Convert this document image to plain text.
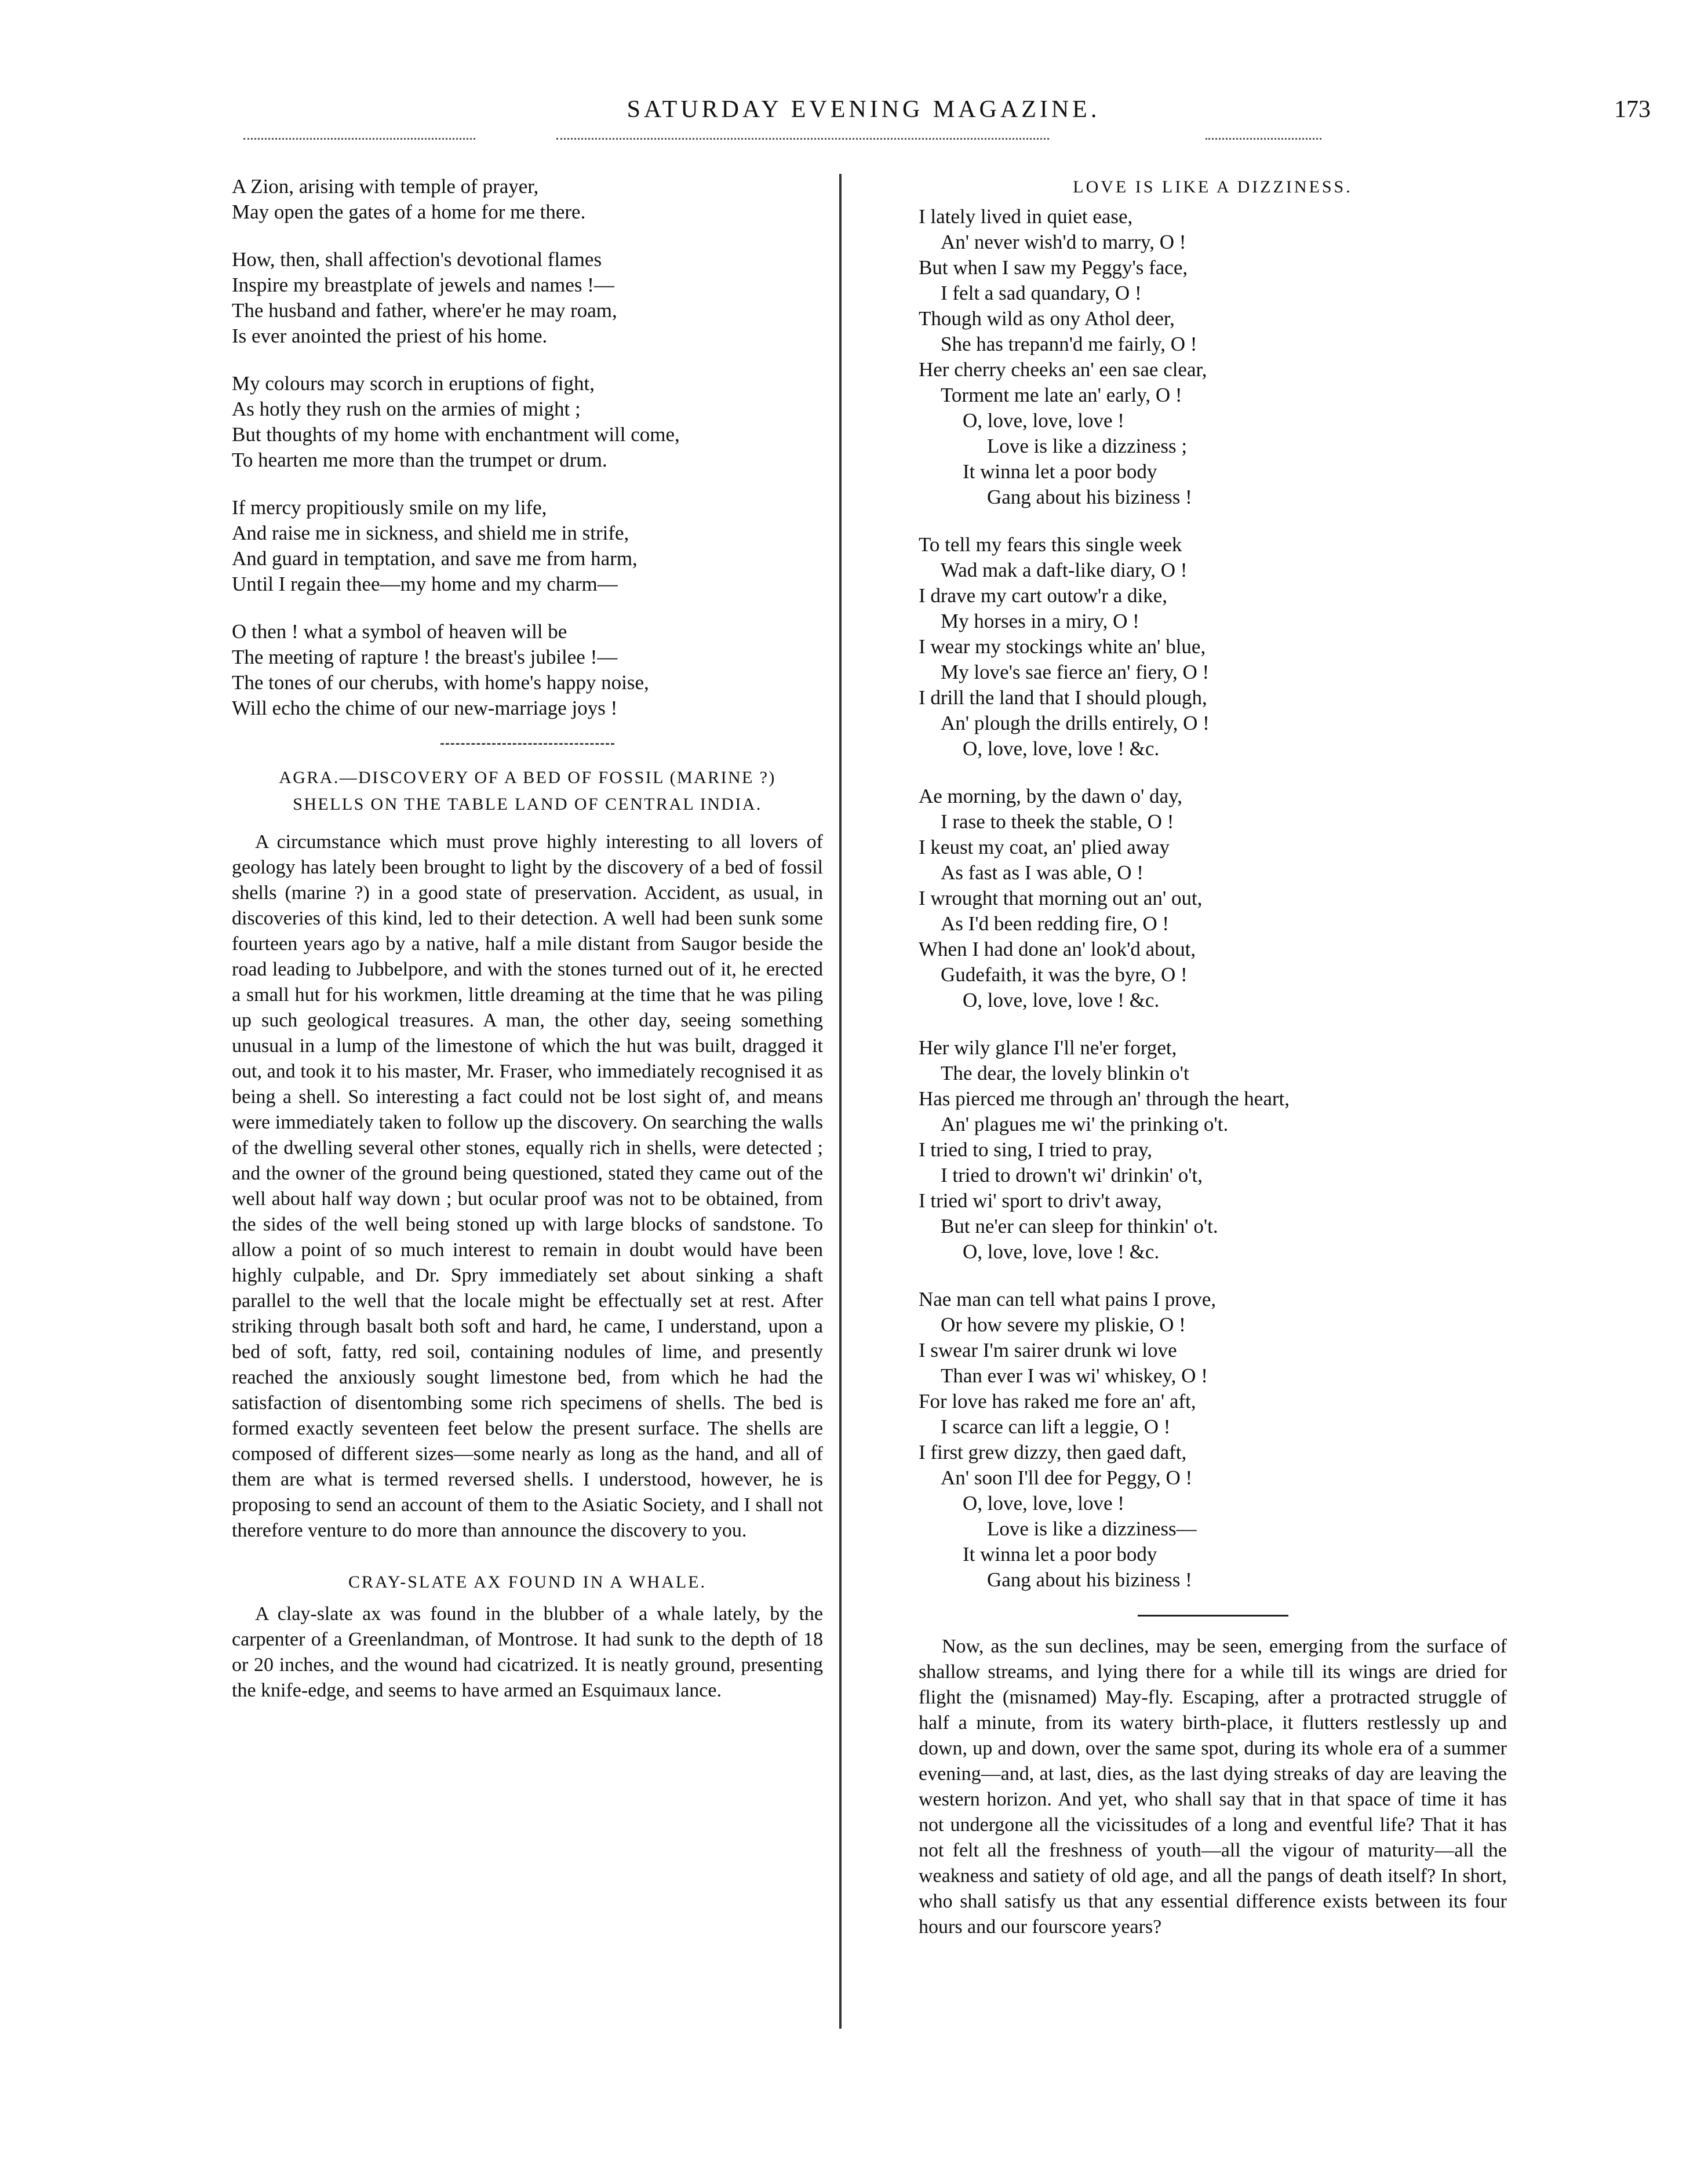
SATURDAY EVENING MAGAZINE.	173
A Zion, arising with temple of prayer,
May open the gates of a home for me there.
How, then, shall affection's devotional flames
Inspire my breastplate of jewels and names !—
The husband and father, where'er he may roam,
Is ever anointed the priest of his home.
My colours may scorch in eruptions of fight,
As hotly they rush on the armies of might ;
But thoughts of my home with enchantment will come,
To hearten me more than the trumpet or drum.
If mercy propitiously smile on my life,
And raise me in sickness, and shield me in strife,
And guard in temptation, and save me from harm,
Until I regain thee—my home and my charm—
O then ! what a symbol of heaven will be
The meeting of rapture ! the breast's jubilee !—
The tones of our cherubs, with home's happy noise,
Will echo the chime of our new-marriage joys !
AGRA.—DISCOVERY OF A BED OF FOSSIL (MARINE ?)
SHELLS ON THE TABLE LAND OF CENTRAL INDIA.

A circumstance which must prove highly interesting to all lovers of geology has lately been brought to light by the discovery of a bed of fossil shells (marine ?) in a good state of preservation. Accident, as usual, in discoveries of this kind, led to their detection. A well had been sunk some fourteen years ago by a native, half a mile distant from Saugor beside the road leading to Jubbelpore, and with the stones turned out of it, he erected a small hut for his workmen, little dreaming at the time that he was piling up such geological treasures. A man, the other day, seeing something unusual in a lump of the limestone of which the hut was built, dragged it out, and took it to his master, Mr. Fraser, who immediately recognised it as being a shell. So interesting a fact could not be lost sight of, and means were immediately taken to follow up the discovery. On searching the walls of the dwelling several other stones, equally rich in shells, were detected ; and the owner of the ground being questioned, stated they came out of the well about half way down ; but ocular proof was not to be obtained, from the sides of the well being stoned up with large blocks of sandstone. To allow a point of so much interest to remain in doubt would have been highly culpable, and Dr. Spry immediately set about sinking a shaft parallel to the well that the locale might be effectually set at rest. After striking through basalt both soft and hard, he came, I understand, upon a bed of soft, fatty, red soil, containing nodules of lime, and presently reached the anxiously sought limestone bed, from which he had the satisfaction of disentombing some rich specimens of shells. The bed is formed exactly seventeen feet below the present surface. The shells are composed of different sizes—some nearly as long as the hand, and all of them are what is termed reversed shells. I understood, however, he is proposing to send an account of them to the Asiatic Society, and I shall not therefore venture to do more than announce the discovery to you.

CRAY-SLATE AX FOUND IN A WHALE.

A clay-slate ax was found in the blubber of a whale lately, by the carpenter of a Greenlandman, of Montrose. It had sunk to the depth of 18 or 20 inches, and the wound had cicatrized. It is neatly ground, presenting the knife-edge, and seems to have armed an Esquimaux lance.

LOVE IS LIKE A DIZZINESS.
I lately lived in quiet ease,
An' never wish'd to marry, O !
But when I saw my Peggy's face,
I felt a sad quandary, O !
Though wild as ony Athol deer,
She has trepann'd me fairly, O !
Her cherry cheeks an' een sae clear,
Torment me late an' early, O !
O, love, love, love !
Love is like a dizziness ;
It winna let a poor body
Gang about his biziness !
To tell my fears this single week
Wad mak a daft-like diary, O !
I drave my cart outow'r a dike,
My horses in a miry, O !
I wear my stockings white an' blue,
My love's sae fierce an' fiery, O !
I drill the land that I should plough,
An' plough the drills entirely, O !
O, love, love, love ! &c.
Ae morning, by the dawn o' day,
I rase to theek the stable, O !
I keust my coat, an' plied away
As fast as I was able, O !
I wrought that morning out an' out,
As I'd been redding fire, O !
When I had done an' look'd about,
Gudefaith, it was the byre, O !
O, love, love, love ! &c.
Her wily glance I'll ne'er forget,
The dear, the lovely blinkin o't
Has pierced me through an' through the heart,
An' plagues me wi' the prinking o't.
I tried to sing, I tried to pray,
I tried to drown't wi' drinkin' o't,
I tried wi' sport to driv't away,
But ne'er can sleep for thinkin' o't.
O, love, love, love ! &c.
Nae man can tell what pains I prove,
Or how severe my pliskie, O !
I swear I'm sairer drunk wi love
Than ever I was wi' whiskey, O !
For love has raked me fore an' aft,
I scarce can lift a leggie, O !
I first grew dizzy, then gaed daft,
An' soon I'll dee for Peggy, O !
O, love, love, love !
Love is like a dizziness—
It winna let a poor body
Gang about his biziness !

Now, as the sun declines, may be seen, emerging from the surface of shallow streams, and lying there for a while till its wings are dried for flight the (misnamed) May-fly. Escaping, after a protracted struggle of half a minute, from its watery birth-place, it flutters restlessly up and down, up and down, over the same spot, during its whole era of a summer evening—and, at last, dies, as the last dying streaks of day are leaving the western horizon. And yet, who shall say that in that space of time it has not undergone all the vicissitudes of a long and eventful life? That it has not felt all the freshness of youth—all the vigour of maturity—all the weakness and satiety of old age, and all the pangs of death itself? In short, who shall satisfy us that any essential difference exists between its four hours and our fourscore years?
